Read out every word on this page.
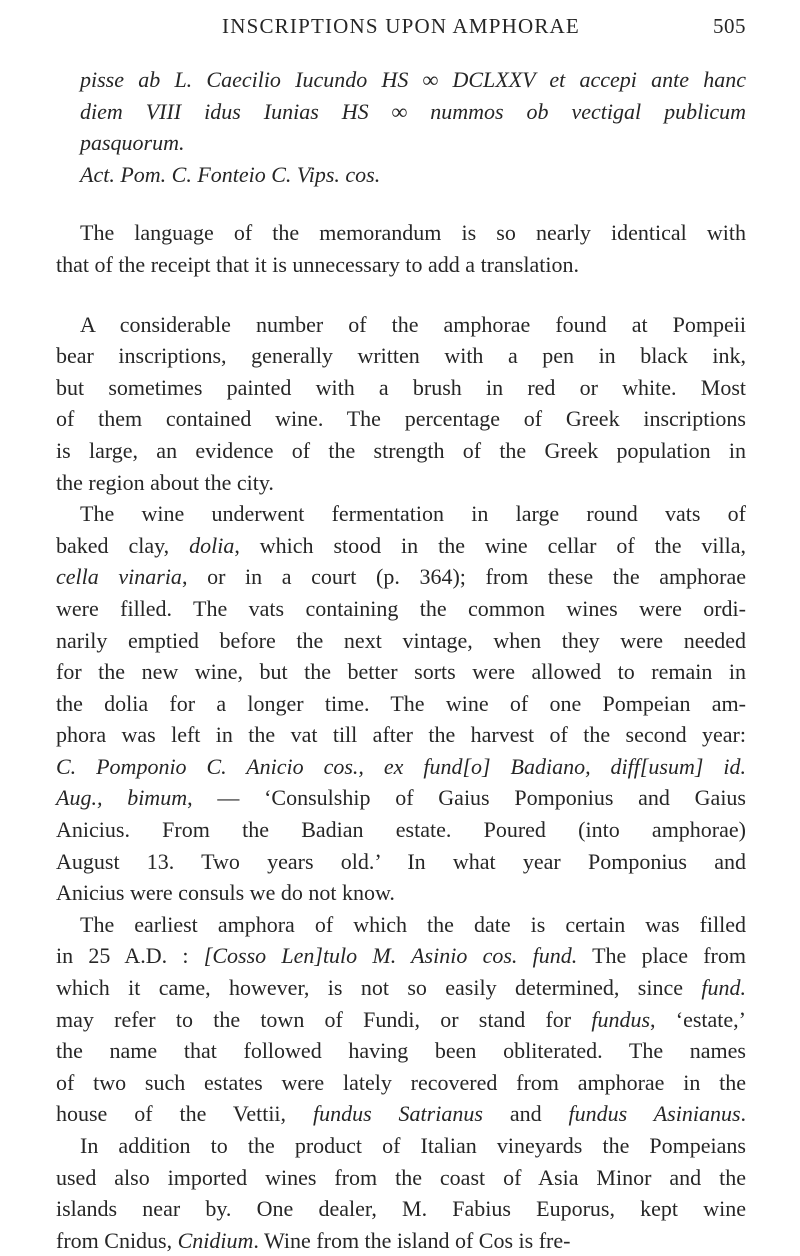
INSCRIPTIONS UPON AMPHORAE	505
pisse ab L. Caecilio Iucundo HS ∞ DCLXXV et accepi ante hanc
diem VIII idus Iunias HS ∞ nummos ob vectigal publicum
pasquorum.
Act. Pom. C. Fonteio C. Vips. cos.
The language of the memorandum is so nearly identical with
that of the receipt that it is unnecessary to add a translation.
A considerable number of the amphorae found at Pompeii
bear inscriptions, generally written with a pen in black ink,
but sometimes painted with a brush in red or white. Most
of them contained wine. The percentage of Greek inscriptions
is large, an evidence of the strength of the Greek population in
the region about the city.
The wine underwent fermentation in large round vats of
baked clay, dolia, which stood in the wine cellar of the villa,
cella vinaria, or in a court (p. 364); from these the amphorae
were filled. The vats containing the common wines were ordi-
narily emptied before the next vintage, when they were needed
for the new wine, but the better sorts were allowed to remain in
the dolia for a longer time. The wine of one Pompeian am-
phora was left in the vat till after the harvest of the second year:
C. Pomponio C. Anicio cos., ex fund[o] Badiano, diff[usum] id.
Aug., bimum, — ‘Consulship of Gaius Pomponius and Gaius
Anicius. From the Badian estate. Poured (into amphorae)
August 13. Two years old.’ In what year Pomponius and
Anicius were consuls we do not know.
The earliest amphora of which the date is certain was filled
in 25 A.D. : [Cosso Len]tulo M. Asinio cos. fund. The place from
which it came, however, is not so easily determined, since fund.
may refer to the town of Fundi, or stand for fundus, ‘estate,’
the name that followed having been obliterated. The names
of two such estates were lately recovered from amphorae in the
house of the Vettii, fundus Satrianus and fundus Asinianus.
In addition to the product of Italian vineyards the Pompeians
used also imported wines from the coast of Asia Minor and the
islands near by. One dealer, M. Fabius Euporus, kept wine
from Cnidus, Cnidium. Wine from the island of Cos is fre-
